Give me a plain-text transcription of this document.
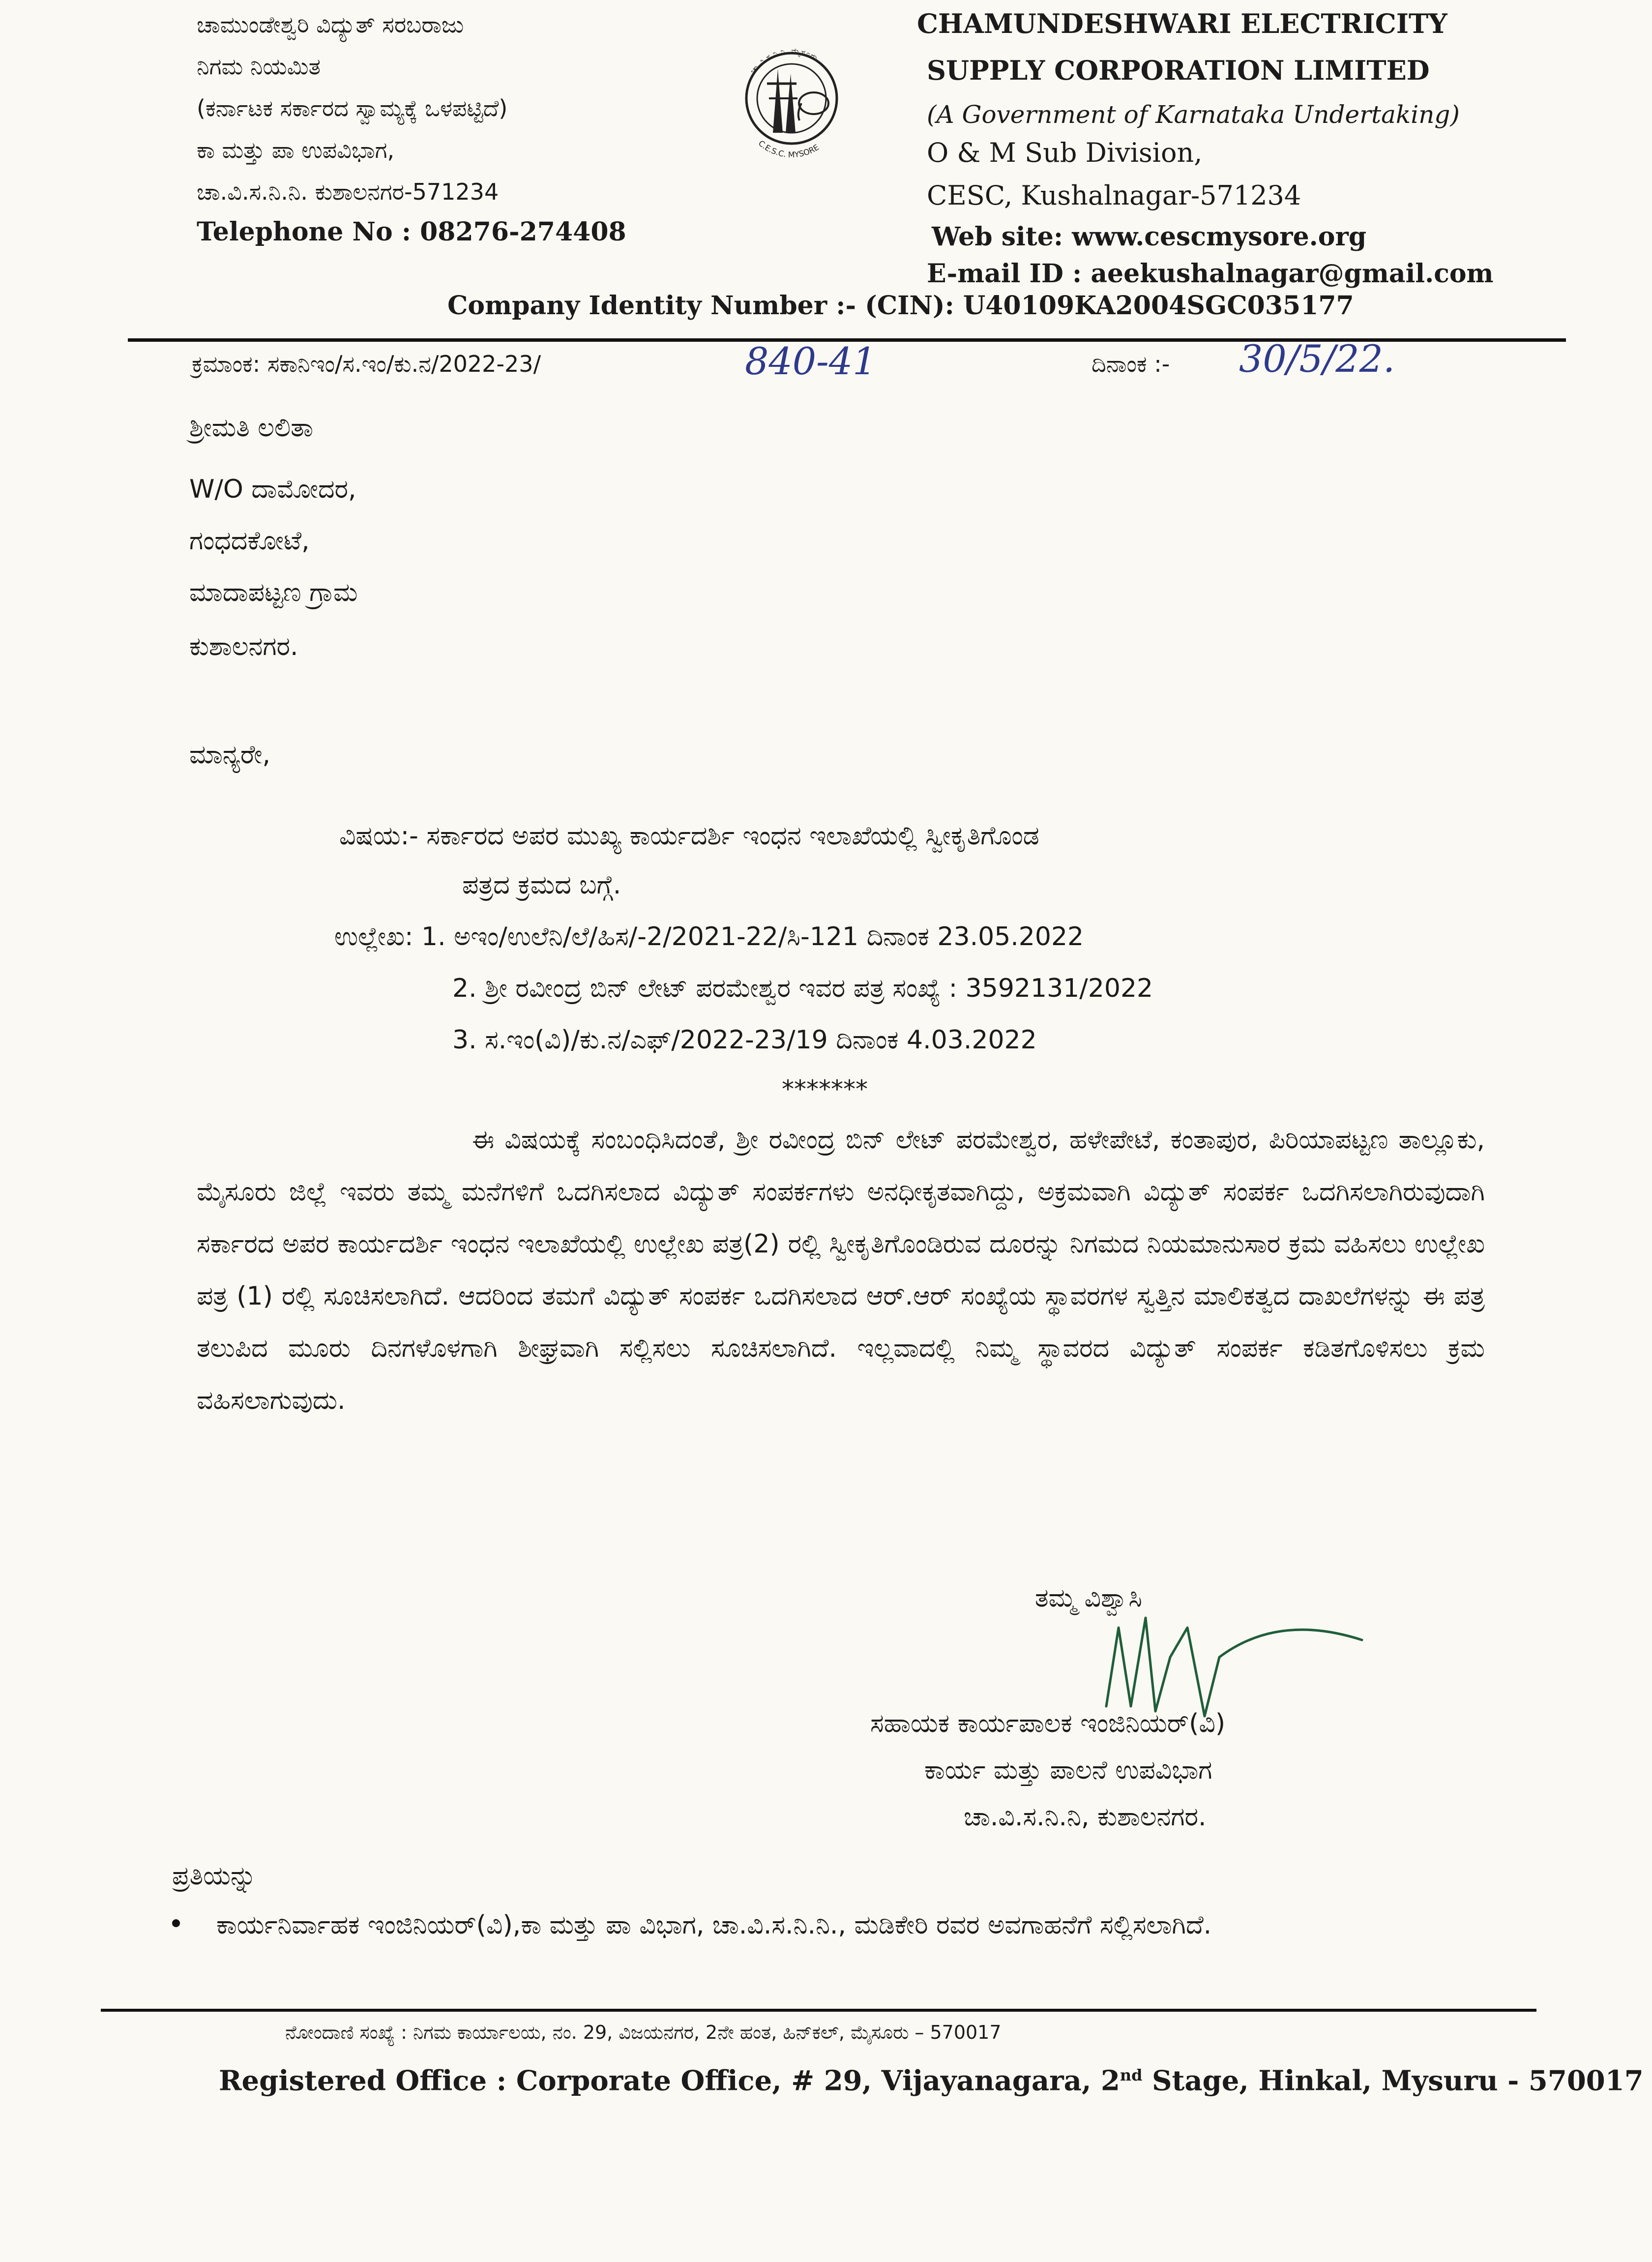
ಚಾಮುಂಡೇಶ್ವರಿ ವಿದ್ಯುತ್ ಸರಬರಾಜು
ನಿಗಮ ನಿಯಮಿತ
(ಕರ್ನಾಟಕ ಸರ್ಕಾರದ ಸ್ವಾಮ್ಯಕ್ಕೆ ಒಳಪಟ್ಟಿದೆ)
ಕಾ ಮತ್ತು ಪಾ ಉಪವಿಭಾಗ,
ಚಾ.ವಿ.ಸ.ನಿ.ನಿ. ಕುಶಾಲನಗರ-571234
Telephone No : 08276-274408
ಚಾ.ವಿ.ಸ.ನಿ.ನಿ. ಮೈಸೂರು
C.E.S.C. MYSORE
CHAMUNDESHWARI ELECTRICITY
SUPPLY CORPORATION LIMITED
(A Government of Karnataka Undertaking)
O & M Sub Division,
CESC, Kushalnagar-571234
Web site: www.cescmysore.org
E-mail ID : aeekushalnagar@gmail.com
Company Identity Number :- (CIN): U40109KA2004SGC035177
ಕ್ರಮಾಂಕ: ಸಕಾನಿಇಂ/ಸ.ಇಂ/ಕು.ನ/2022-23/	840-41	ದಿನಾಂಕ :- 30/5/22.
ಶ್ರೀಮತಿ ಲಲಿತಾ
W/O ದಾಮೋದರ,
ಗಂಧದಕೋಟೆ,
ಮಾದಾಪಟ್ಟಣ ಗ್ರಾಮ
ಕುಶಾಲನಗರ.
ಮಾನ್ಯರೇ,
ವಿಷಯ:- ಸರ್ಕಾರದ ಅಪರ ಮುಖ್ಯ ಕಾರ್ಯದರ್ಶಿ ಇಂಧನ ಇಲಾಖೆಯಲ್ಲಿ ಸ್ವೀಕೃತಿಗೊಂಡ
ಪತ್ರದ ಕ್ರಮದ ಬಗ್ಗೆ.
ಉಲ್ಲೇಖ: 1. ಅಇಂ/ಉಲೆನಿ/ಲೆ/ಹಿಸ/-2/2021-22/ಸಿ-121 ದಿನಾಂಕ 23.05.2022
2. ಶ್ರೀ ರವೀಂದ್ರ ಬಿನ್ ಲೇಟ್ ಪರಮೇಶ್ವರ ಇವರ ಪತ್ರ ಸಂಖ್ಯೆ : 3592131/2022
3. ಸ.ಇಂ(ವಿ)/ಕು.ನ/ಎಫ್/2022-23/19 ದಿನಾಂಕ 4.03.2022
*******
ಈ ವಿಷಯಕ್ಕೆ ಸಂಬಂಧಿಸಿದಂತೆ, ಶ್ರೀ ರವೀಂದ್ರ ಬಿನ್ ಲೇಟ್ ಪರಮೇಶ್ವರ, ಹಳೇಪೇಟೆ, ಕಂತಾಪುರ, ಪಿರಿಯಾಪಟ್ಟಣ ತಾಲ್ಲೂಕು, ಮೈಸೂರು ಜಿಲ್ಲೆ ಇವರು ತಮ್ಮ ಮನೆಗಳಿಗೆ ಒದಗಿಸಲಾದ ವಿದ್ಯುತ್ ಸಂಪರ್ಕಗಳು ಅನಧೀಕೃತವಾಗಿದ್ದು, ಅಕ್ರಮವಾಗಿ ವಿದ್ಯುತ್ ಸಂಪರ್ಕ ಒದಗಿಸಲಾಗಿರುವುದಾಗಿ ಸರ್ಕಾರದ ಅಪರ ಕಾರ್ಯದರ್ಶಿ ಇಂಧನ ಇಲಾಖೆಯಲ್ಲಿ ಉಲ್ಲೇಖ ಪತ್ರ(2) ರಲ್ಲಿ ಸ್ವೀಕೃತಿಗೊಂಡಿರುವ ದೂರನ್ನು ನಿಗಮದ ನಿಯಮಾನುಸಾರ ಕ್ರಮ ವಹಿಸಲು ಉಲ್ಲೇಖ ಪತ್ರ (1) ರಲ್ಲಿ ಸೂಚಿಸಲಾಗಿದೆ. ಆದರಿಂದ ತಮಗೆ ವಿದ್ಯುತ್ ಸಂಪರ್ಕ ಒದಗಿಸಲಾದ ಆರ್.ಆರ್ ಸಂಖ್ಯೆಯ ಸ್ಥಾವರಗಳ ಸ್ವತ್ತಿನ ಮಾಲಿಕತ್ವದ ದಾಖಲೆಗಳನ್ನು ಈ ಪತ್ರ ತಲುಪಿದ ಮೂರು ದಿನಗಳೊಳಗಾಗಿ ಶೀಘ್ರವಾಗಿ ಸಲ್ಲಿಸಲು ಸೂಚಿಸಲಾಗಿದೆ. ಇಲ್ಲವಾದಲ್ಲಿ ನಿಮ್ಮ ಸ್ಥಾವರದ ವಿದ್ಯುತ್ ಸಂಪರ್ಕ ಕಡಿತಗೊಳಿಸಲು ಕ್ರಮ ವಹಿಸಲಾಗುವುದು.
ತಮ್ಮ ವಿಶ್ವಾಸಿ
ಸಹಾಯಕ ಕಾರ್ಯಪಾಲಕ ಇಂಜಿನಿಯರ್(ವಿ)
ಕಾರ್ಯ ಮತ್ತು ಪಾಲನೆ ಉಪವಿಭಾಗ
ಚಾ.ವಿ.ಸ.ನಿ.ನಿ, ಕುಶಾಲನಗರ.
ಪ್ರತಿಯನ್ನು
ಕಾರ್ಯನಿರ್ವಾಹಕ ಇಂಜಿನಿಯರ್(ವಿ),ಕಾ ಮತ್ತು ಪಾ ವಿಭಾಗ, ಚಾ.ವಿ.ಸ.ನಿ.ನಿ., ಮಡಿಕೇರಿ ರವರ ಅವಗಾಹನೆಗೆ ಸಲ್ಲಿಸಲಾಗಿದೆ.
ನೋಂದಾಣಿ ಸಂಖ್ಯೆ : ನಿಗಮ ಕಾರ್ಯಾಲಯ, ನಂ. 29, ವಿಜಯನಗರ, 2ನೇ ಹಂತ, ಹಿನ್‌ಕಲ್, ಮೈಸೂರು – 570017
Registered Office : Corporate Office, # 29, Vijayanagara, 2nd Stage, Hinkal, Mysuru - 570017
